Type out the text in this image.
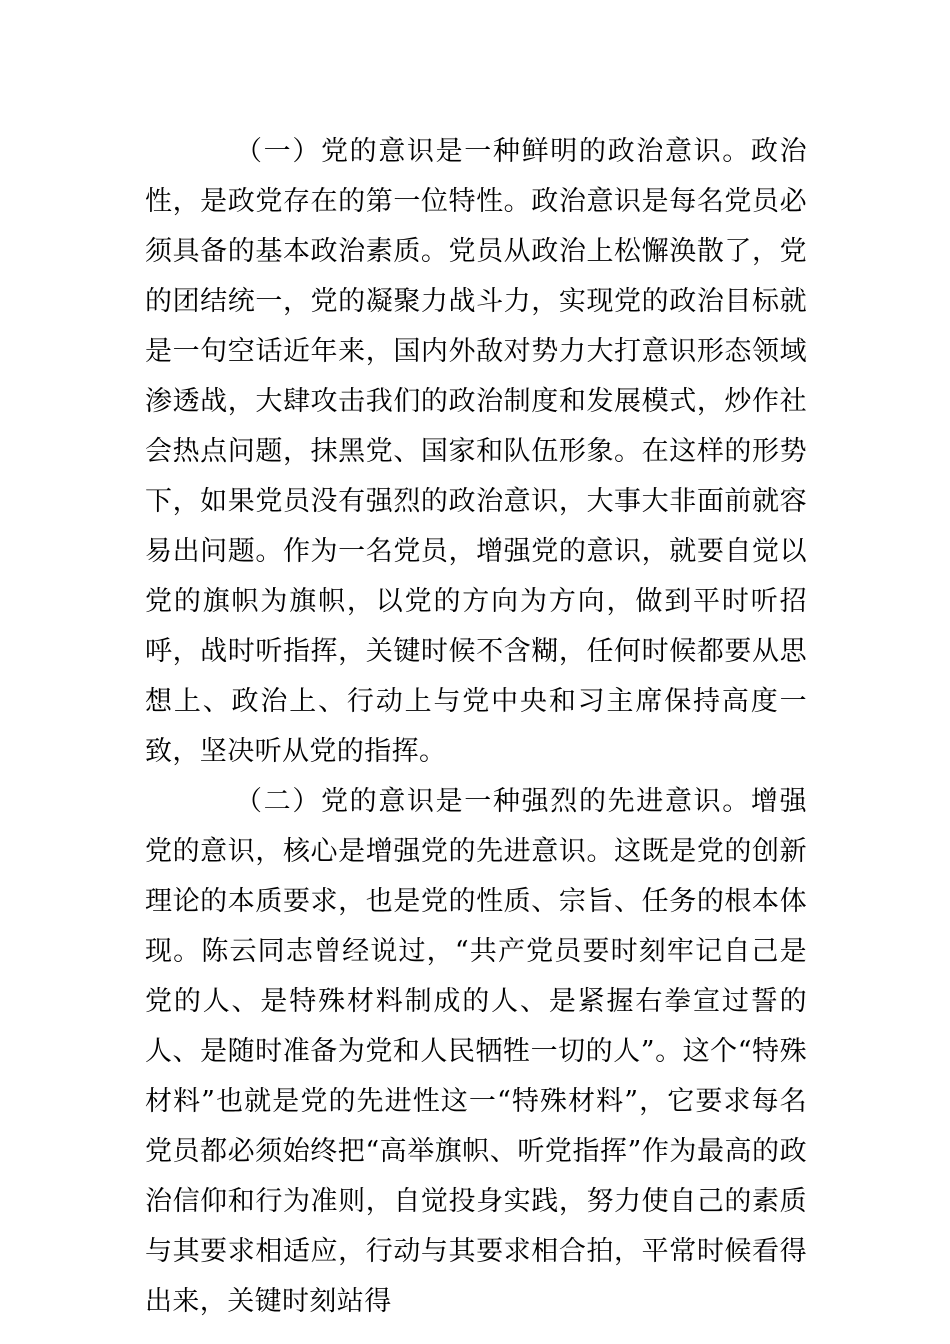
（一）党的意识是一种鲜明的政治意识。政治性，是政党存在的第一位特性。政治意识是每名党员必须具备的基本政治素质。党员从政治上松懈涣散了，党的团结统一，党的凝聚力战斗力，实现党的政治目标就是一句空话近年来，国内外敌对势力大打意识形态领域渗透战，大肆攻击我们的政治制度和发展模式，炒作社会热点问题，抹黑党、国家和队伍形象。在这样的形势下，如果党员没有强烈的政治意识，大事大非面前就容易出问题。作为一名党员，增强党的意识，就要自觉以党的旗帜为旗帜，以党的方向为方向，做到平时听招呼，战时听指挥，关键时候不含糊，任何时候都要从思想上、政治上、行动上与党中央和习主席保持高度一致，坚决听从党的指挥。

（二）党的意识是一种强烈的先进意识。增强党的意识，核心是增强党的先进意识。这既是党的创新理论的本质要求，也是党的性质、宗旨、任务的根本体现。陈云同志曾经说过，“共产党员要时刻牢记自己是党的人、是特殊材料制成的人、是紧握右拳宣过誓的人、是随时准备为党和人民牺牲一切的人”。这个“特殊材料”也就是党的先进性这一“特殊材料”，它要求每名党员都必须始终把“高举旗帜、听党指挥”作为最高的政治信仰和行为准则，自觉投身实践，努力使自己的素质与其要求相适应，行动与其要求相合拍，平常时候看得出来，关键时刻站得
